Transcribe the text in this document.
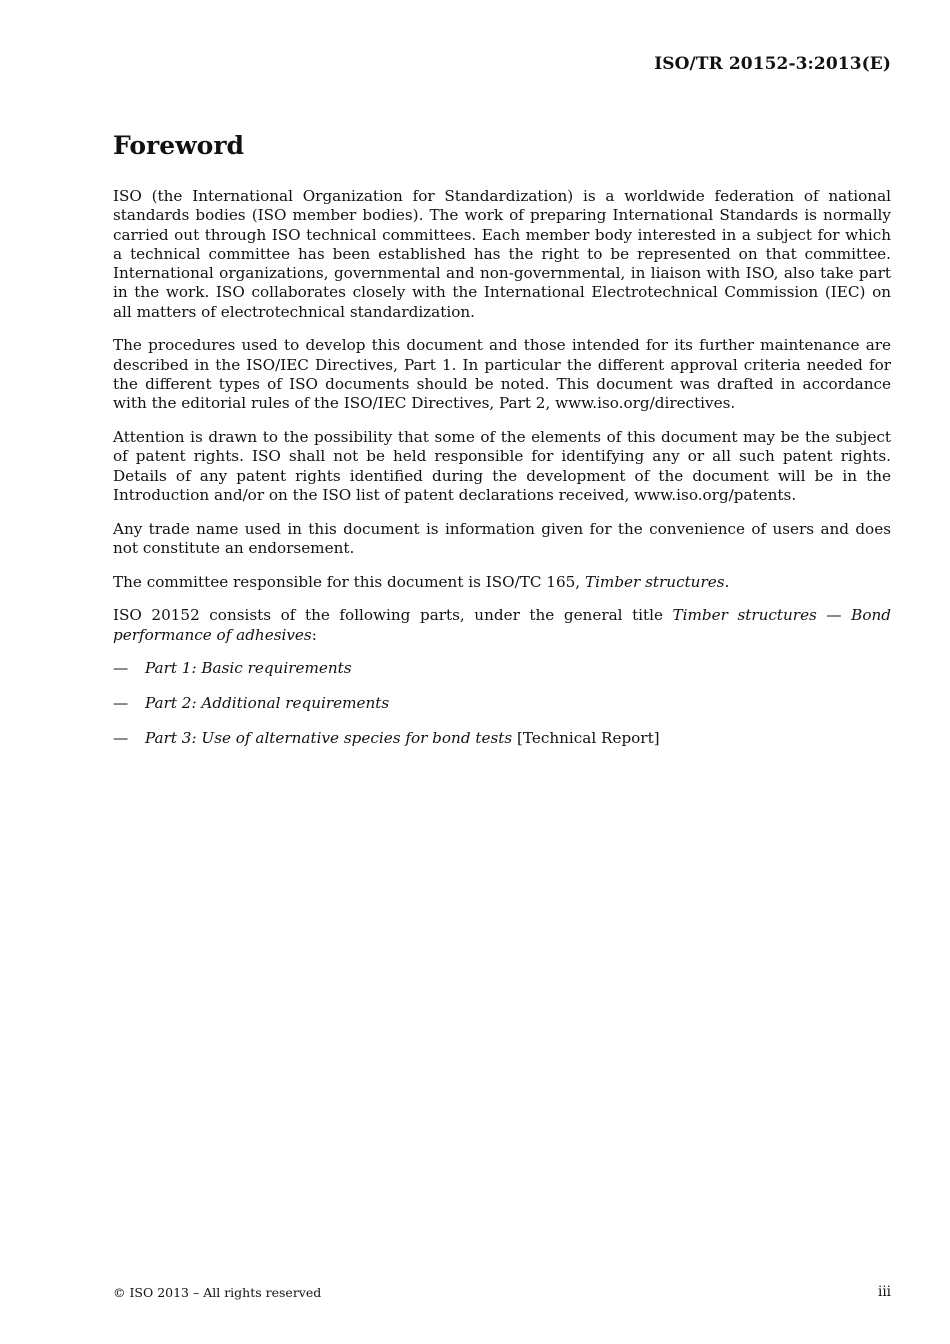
ISO/TR 20152-3:2013(E)
Foreword

ISO (the International Organization for Standardization) is a worldwide federation of national standards bodies (ISO member bodies). The work of preparing International Standards is normally carried out through ISO technical committees. Each member body interested in a subject for which a technical committee has been established has the right to be represented on that committee. International organizations, governmental and non-governmental, in liaison with ISO, also take part in the work. ISO collaborates closely with the International Electrotechnical Commission (IEC) on all matters of electrotechnical standardization.

The procedures used to develop this document and those intended for its further maintenance are described in the ISO/IEC Directives, Part 1. In particular the different approval criteria needed for the different types of ISO documents should be noted. This document was drafted in accordance with the editorial rules of the ISO/IEC Directives, Part 2, www.iso.org/directives.

Attention is drawn to the possibility that some of the elements of this document may be the subject of patent rights. ISO shall not be held responsible for identifying any or all such patent rights. Details of any patent rights identified during the development of the document will be in the Introduction and/or on the ISO list of patent declarations received, www.iso.org/patents.

Any trade name used in this document is information given for the convenience of users and does not constitute an endorsement.

The committee responsible for this document is ISO/TC 165, Timber structures.

ISO 20152 consists of the following parts, under the general title Timber structures — Bond performance of adhesives:

— Part 1: Basic requirements
— Part 2: Additional requirements
— Part 3: Use of alternative species for bond tests [Technical Report]
© ISO 2013 – All rights reserved	iii
